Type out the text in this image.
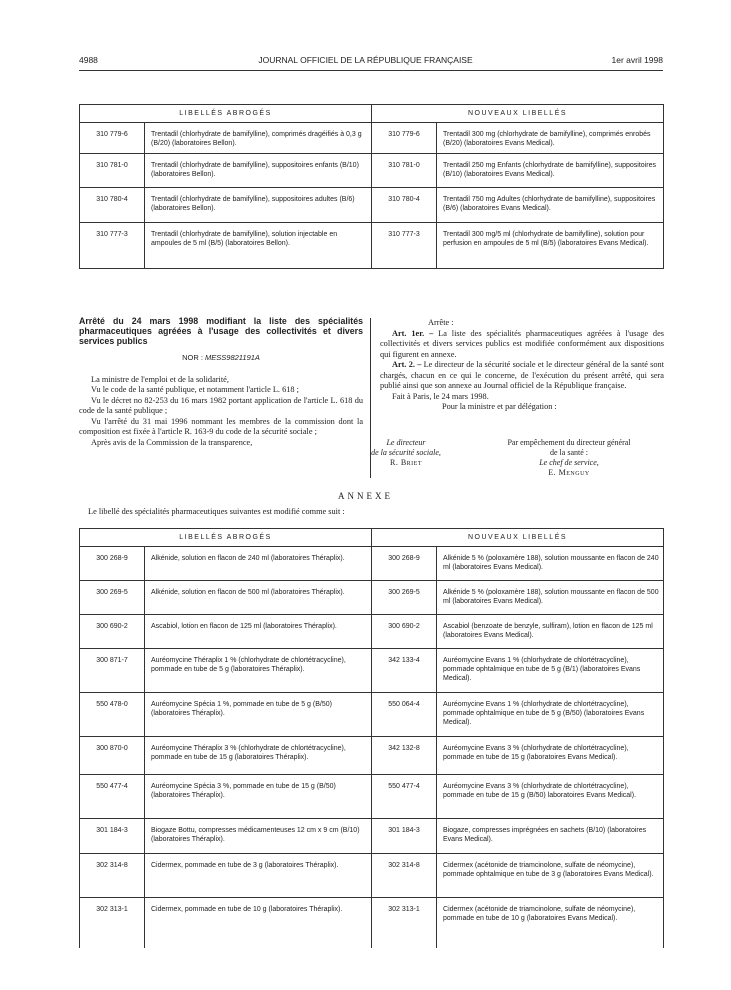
4988	JOURNAL OFFICIEL DE LA RÉPUBLIQUE FRANÇAISE	1er avril 1998
LIBELLÉS ABROGÉS		NOUVEAUX LIBELLÉS	
310 779-6	Trentadil (chlorhydrate de bamifylline), comprimés dragéifiés à 0,3 g (B/20) (laboratoires Bellon).	310 779-6	Trentadil 300 mg (chlorhydrate de bamifylline), comprimés enrobés (B/20) (laboratoires Evans Medical).
310 781-0	Trentadil (chlorhydrate de bamifylline), suppositoires enfants (B/10) (laboratoires Bellon).	310 781-0	Trentadil 250 mg Enfants (chlorhydrate de bamifylline), suppositoires (B/10) (laboratoires Evans Medical).
310 780-4	Trentadil (chlorhydrate de bamifylline), suppositoires adultes (B/6) (laboratoires Bellon).	310 780-4	Trentadil 750 mg Adultes (chlorhydrate de bamifylline), suppositoires (B/6) (laboratoires Evans Medical).
310 777-3	Trentadil (chlorhydrate de bamifylline), solution injectable en ampoules de 5 ml (B/5) (laboratoires Bellon).	310 777-3	Trentadil 300 mg/5 ml (chlorhydrate de bamifylline), solution pour perfusion en ampoules de 5 ml (B/5) (laboratoires Evans Medical).

Arrêté du 24 mars 1998 modifiant la liste des spécialités pharmaceutiques agréées à l'usage des collectivités et divers services publics

NOR : MESS9821191A

La ministre de l'emploi et de la solidarité,

Vu le code de la santé publique, et notamment l'article L. 618 ;

Vu le décret no 82-253 du 16 mars 1982 portant application de l'article L. 618 du code de la santé publique ;

Vu l'arrêté du 31 mai 1996 nommant les membres de la commission dont la composition est fixée à l'article R. 163-9 du code de la sécurité sociale ;

Après avis de la Commission de la transparence,

Arrête :

Art. 1er. – La liste des spécialités pharmaceutiques agréées à l'usage des collectivités et divers services publics est modifiée conformément aux dispositions qui figurent en annexe.

Art. 2. – Le directeur de la sécurité sociale et le directeur général de la santé sont chargés, chacun en ce qui le concerne, de l'exécution du présent arrêté, qui sera publié ainsi que son annexe au Journal officiel de la République française.

Fait à Paris, le 24 mars 1998.

Pour la ministre et par délégation :

Le directeur
de la sécurité sociale,
R. Briet
Par empêchement du directeur général
de la santé :
Le chef de service,
E. Menguy
ANNEXE
Le libellé des spécialités pharmaceutiques suivantes est modifié comme suit :
LIBELLÉS ABROGÉS		NOUVEAUX LIBELLÉS	
300 268-9	Alkénide, solution en flacon de 240 ml (laboratoires Théraplix).	300 268-9	Alkénide 5 % (poloxamère 188), solution moussante en flacon de 240 ml (laboratoires Evans Medical).
300 269-5	Alkénide, solution en flacon de 500 ml (laboratoires Théraplix).	300 269-5	Alkénide 5 % (poloxamère 188), solution moussante en flacon de 500 ml (laboratoires Evans Medical).
300 690-2	Ascabiol, lotion en flacon de 125 ml (laboratoires Théraplix).	300 690-2	Ascabiol (benzoate de benzyle, sulfiram), lotion en flacon de 125 ml (laboratoires Evans Medical).
300 871-7	Auréomycine Théraplix 1 % (chlorhydrate de chlortétracycline), pommade en tube de 5 g (laboratoires Théraplix).	342 133-4	Auréomycine Evans 1 % (chlorhydrate de chlortétracycline), pommade ophtalmique en tube de 5 g (B/1) (laboratoires Evans Medical).
550 478-0	Auréomycine Spécia 1 %, pommade en tube de 5 g (B/50) (laboratoires Théraplix).	550 064-4	Auréomycine Evans 1 % (chlorhydrate de chlortétracycline), pommade ophtalmique en tube de 5 g (B/50) (laboratoires Evans Medical).
300 870-0	Auréomycine Théraplix 3 % (chlorhydrate de chlortétracycline), pommade en tube de 15 g (laboratoires Théraplix).	342 132-8	Auréomycine Evans 3 % (chlorhydrate de chlortétracycline), pommade en tube de 15 g (laboratoires Evans Medical).
550 477-4	Auréomycine Spécia 3 %, pommade en tube de 15 g (B/50) (laboratoires Théraplix).	550 477-4	Auréomycine Evans 3 % (chlorhydrate de chlortétracycline), pommade en tube de 15 g (B/50) laboratoires Evans Medical).
301 184-3	Biogaze Bottu, compresses médicamenteuses 12 cm x 9 cm (B/10) (laboratoires Théraplix).	301 184-3	Biogaze, compresses imprégnées en sachets (B/10) (laboratoires Evans Medical).
302 314-8	Cidermex, pommade en tube de 3 g (laboratoires Théraplix).	302 314-8	Cidermex (acétonide de triamcinolone, sulfate de néomycine), pommade ophtalmique en tube de 3 g (laboratoires Evans Medical).
302 313-1	Cidermex, pommade en tube de 10 g (laboratoires Théraplix).	302 313-1	Cidermex (acétonide de triamcinolone, sulfate de néomycine), pommade en tube de 10 g (laboratoires Evans Medical).
